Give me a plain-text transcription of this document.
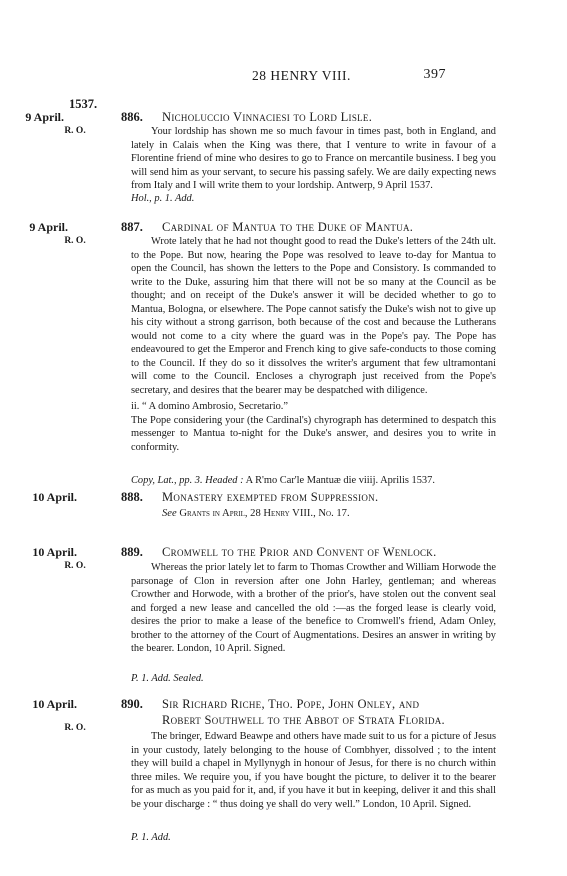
28 HENRY VIII.	397
1537.
9 April.
R. O.
886. Nicholuccio Vinnaciesi to Lord Lisle.

Your lordship has shown me so much favour in times past, both in England, and lately in Calais when the King was there, that I venture to write in favour of a Florentine friend of mine who desires to go to France on mercantile business. I beg you will send him as your servant, to secure his passing safely. We are daily expecting news from Italy and I will write them to your lordship. Antwerp, 9 April 1537.

Hol., p. 1. Add.
9 April.
R. O.
887. Cardinal of Mantua to the Duke of Mantua.

Wrote lately that he had not thought good to read the Duke's letters of the 24th ult. to the Pope. But now, hearing the Pope was resolved to leave to-day for Mantua to open the Council, has shown the letters to the Pope and Consistory. Is commanded to write to the Duke, assuring him that there will not be so many at the Council as be thought; and on receipt of the Duke's answer it will be decided whether to go to Mantua, Bologna, or elsewhere. The Pope cannot satisfy the Duke's wish not to give up his city without a strong garrison, both because of the cost and because the Lutherans would not come to a city where the guard was in the Pope's pay. The Pope has endeavoured to get the Emperor and French king to give safe-conducts to those coming to the Council. If they do so it dissolves the writer's argument that few ultramontani will come to the Council. Encloses a chyrograph just received from the Pope's secretary, and desires that the bearer may be despatched with diligence.

ii. “ A domino Ambrosio, Secretario.”

The Pope considering your (the Cardinal's) chyrograph has determined to despatch this messenger to Mantua to-night for the Duke's answer, and desires you to write in conformity.

Copy, Lat., pp. 3. Headed : A R'mo Car'le Mantuæ die viiij. Aprilis 1537.
10 April.	888. Monastery exempted from Suppression.
See Grants in April, 28 Henry VIII., No. 17.
10 April.
R. O.
889. Cromwell to the Prior and Convent of Wenlock.

Whereas the prior lately let to farm to Thomas Crowther and William Horwode the parsonage of Clon in reversion after one John Harley, gentleman; and whereas Crowther and Horwode, with a brother of the prior's, have stolen out the convent seal and forged a new lease and cancelled the old :—as the forged lease is clearly void, desires the prior to make a lease of the benefice to Cromwell's friend, Adam Onley, brother to the attorney of the Court of Augmentations. Desires an answer in writing by the bearer. London, 10 April. Signed.

P. 1. Add. Sealed.
10 April.
R. O.
890. Sir Richard Riche, Tho. Pope, John Onley, and
Robert Southwell to the Abbot of Strata Florida.

The bringer, Edward Beawpe and others have made suit to us for a picture of Jesus in your custody, lately belonging to the house of Combhyer, dissolved ; to the intent they will build a chapel in Myllynygh in honour of Jesus, for there is no church within three miles. We require you, if you have bought the picture, to deliver it to the bearer for as much as you paid for it, and, if you have it but in keeping, deliver it and this shall be your discharge : “ thus doing ye shall do very well.” London, 10 April. Signed.

P. 1. Add.
